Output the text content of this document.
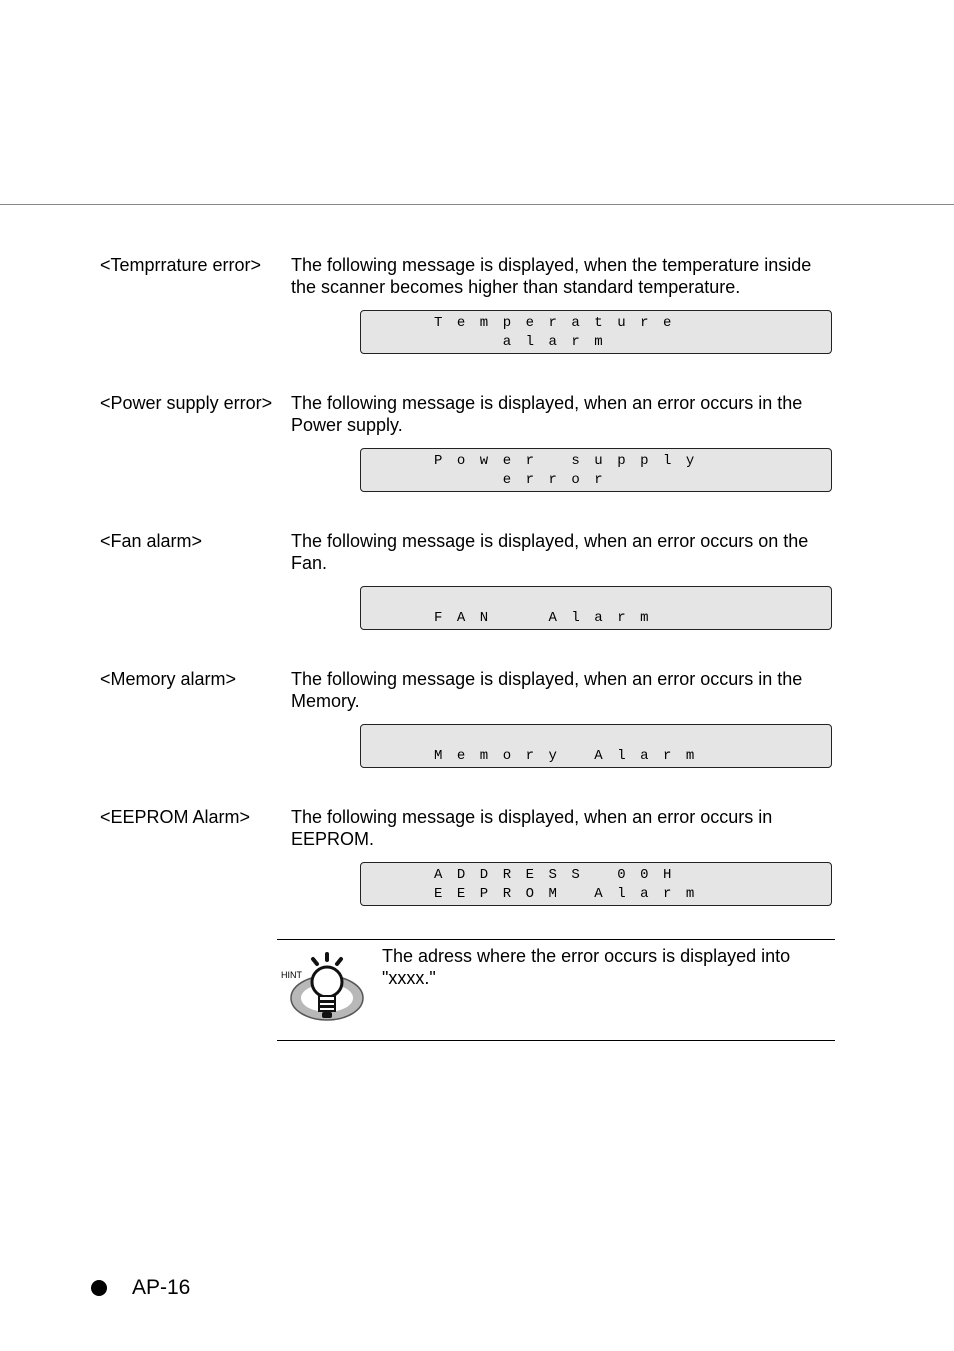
<Temprrature error>	The following message is displayed, when the temperature inside the scanner becomes higher than standard temperature.
Temperature
alarm
<Power supply error>	The following message is displayed, when an error occurs in the Power supply.
Power supply
error
<Fan alarm>	The following message is displayed, when an error occurs on the Fan.
FAN  Alarm
<Memory alarm>	The following message is displayed, when an error occurs in the Memory.
Memory Alarm
<EEPROM Alarm>	The following message is displayed, when an error occurs in EEPROM.
ADDRESS 00H
EEPROM Alarm
HINT
The adress where the error occurs is displayed into "xxxx."
AP-16
